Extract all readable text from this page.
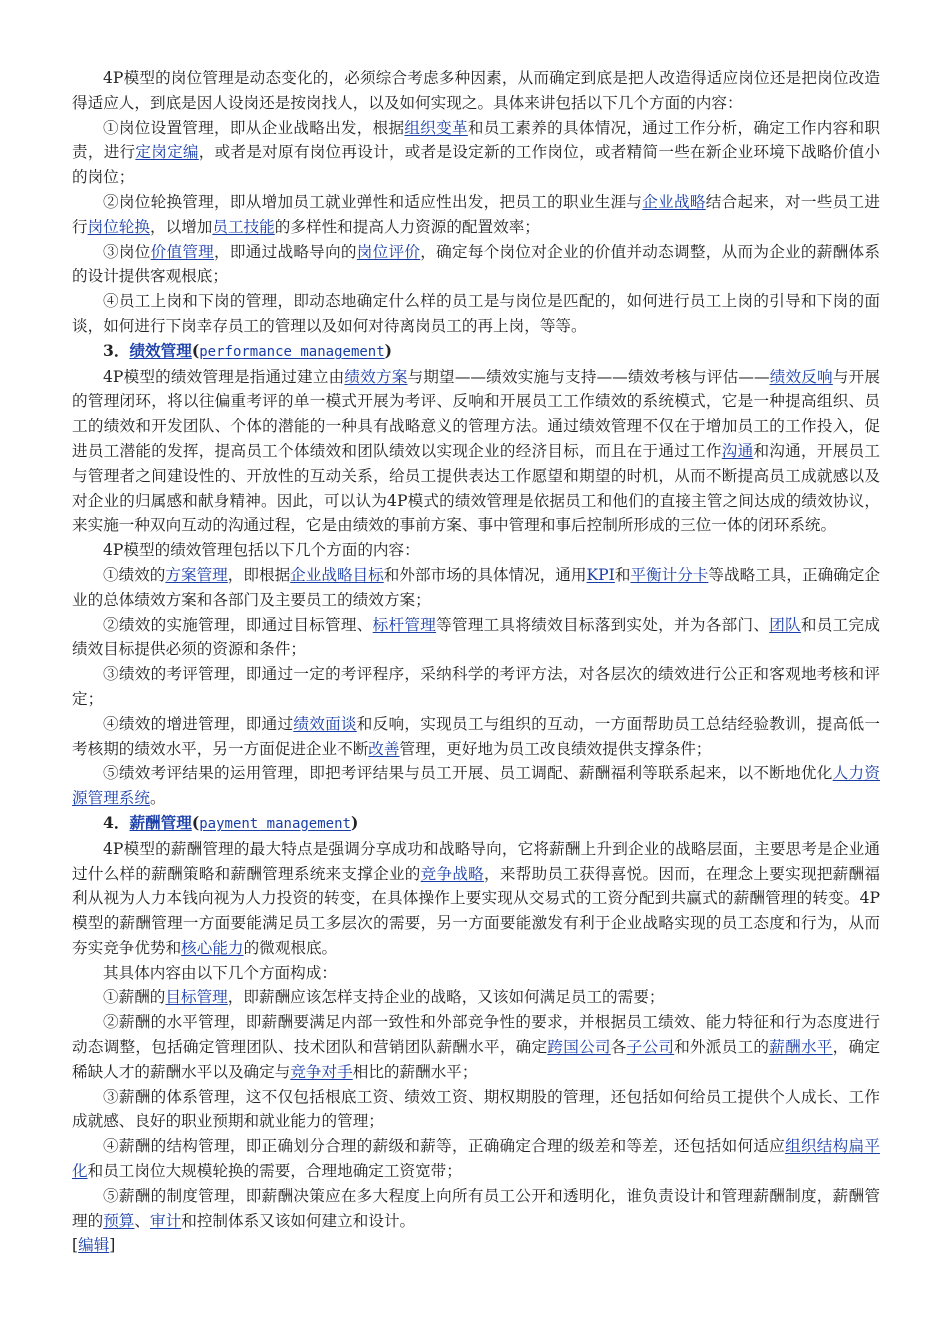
4P模型的岗位管理是动态变化的，必须综合考虑多种因素，从而确定到底是把人改造得适应岗位还是把岗位改造得适应人，到底是因人设岗还是按岗找人，以及如何实现之。具体来讲包括以下几个方面的内容：

①岗位设置管理，即从企业战略出发，根据组织变革和员工素养的具体情况，通过工作分析，确定工作内容和职责，进行定岗定编，或者是对原有岗位再设计，或者是设定新的工作岗位，或者精简一些在新企业环境下战略价值小的岗位；

②岗位轮换管理，即从增加员工就业弹性和适应性出发，把员工的职业生涯与企业战略结合起来，对一些员工进行岗位轮换，以增加员工技能的多样性和提高人力资源的配置效率；

③岗位价值管理，即通过战略导向的岗位评价，确定每个岗位对企业的价值并动态调整，从而为企业的薪酬体系的设计提供客观根底；

④员工上岗和下岗的管理，即动态地确定什么样的员工是与岗位是匹配的，如何进行员工上岗的引导和下岗的面谈，如何进行下岗幸存员工的管理以及如何对待离岗员工的再上岗，等等。

3．绩效管理(performance management)

4P模型的绩效管理是指通过建立由绩效方案与期望——绩效实施与支持——绩效考核与评估——绩效反响与开展的管理闭环，将以往偏重考评的单一模式开展为考评、反响和开展员工工作绩效的系统模式，它是一种提高组织、员工的绩效和开发团队、个体的潜能的一种具有战略意义的管理方法。通过绩效管理不仅在于增加员工的工作投入，促进员工潜能的发挥，提高员工个体绩效和团队绩效以实现企业的经济目标，而且在于通过工作沟通和沟通，开展员工与管理者之间建设性的、开放性的互动关系，给员工提供表达工作愿望和期望的时机，从而不断提高员工成就感以及对企业的归属感和献身精神。因此，可以认为4P模式的绩效管理是依据员工和他们的直接主管之间达成的绩效协议，来实施一种双向互动的沟通过程，它是由绩效的事前方案、事中管理和事后控制所形成的三位一体的闭环系统。

4P模型的绩效管理包括以下几个方面的内容：

①绩效的方案管理，即根据企业战略目标和外部市场的具体情况，通用KPI和平衡计分卡等战略工具，正确确定企业的总体绩效方案和各部门及主要员工的绩效方案；

②绩效的实施管理，即通过目标管理、标杆管理等管理工具将绩效目标落到实处，并为各部门、团队和员工完成绩效目标提供必须的资源和条件；

③绩效的考评管理，即通过一定的考评程序，采纳科学的考评方法，对各层次的绩效进行公正和客观地考核和评定；

④绩效的增进管理，即通过绩效面谈和反响，实现员工与组织的互动，一方面帮助员工总结经验教训，提高低一考核期的绩效水平，另一方面促进企业不断改善管理，更好地为员工改良绩效提供支撑条件；

⑤绩效考评结果的运用管理，即把考评结果与员工开展、员工调配、薪酬福利等联系起来，以不断地优化人力资源管理系统。

4．薪酬管理(payment management)

4P模型的薪酬管理的最大特点是强调分享成功和战略导向，它将薪酬上升到企业的战略层面，主要思考是企业通过什么样的薪酬策略和薪酬管理系统来支撑企业的竞争战略，来帮助员工获得喜悦。因而，在理念上要实现把薪酬福利从视为人力本钱向视为人力投资的转变，在具体操作上要实现从交易式的工资分配到共赢式的薪酬管理的转变。4P模型的薪酬管理一方面要能满足员工多层次的需要，另一方面要能激发有利于企业战略实现的员工态度和行为，从而夯实竞争优势和核心能力的微观根底。

其具体内容由以下几个方面构成：

①薪酬的目标管理，即薪酬应该怎样支持企业的战略，又该如何满足员工的需要；

②薪酬的水平管理，即薪酬要满足内部一致性和外部竞争性的要求，并根据员工绩效、能力特征和行为态度进行动态调整，包括确定管理团队、技术团队和营销团队薪酬水平，确定跨国公司各子公司和外派员工的薪酬水平，确定稀缺人才的薪酬水平以及确定与竞争对手相比的薪酬水平；

③薪酬的体系管理，这不仅包括根底工资、绩效工资、期权期股的管理，还包括如何给员工提供个人成长、工作成就感、良好的职业预期和就业能力的管理；

④薪酬的结构管理，即正确划分合理的薪级和薪等，正确确定合理的级差和等差，还包括如何适应组织结构扁平化和员工岗位大规模轮换的需要，合理地确定工资宽带；

⑤薪酬的制度管理，即薪酬决策应在多大程度上向所有员工公开和透明化，谁负责设计和管理薪酬制度，薪酬管理的预算、审计和控制体系又该如何建立和设计。

[编辑]
